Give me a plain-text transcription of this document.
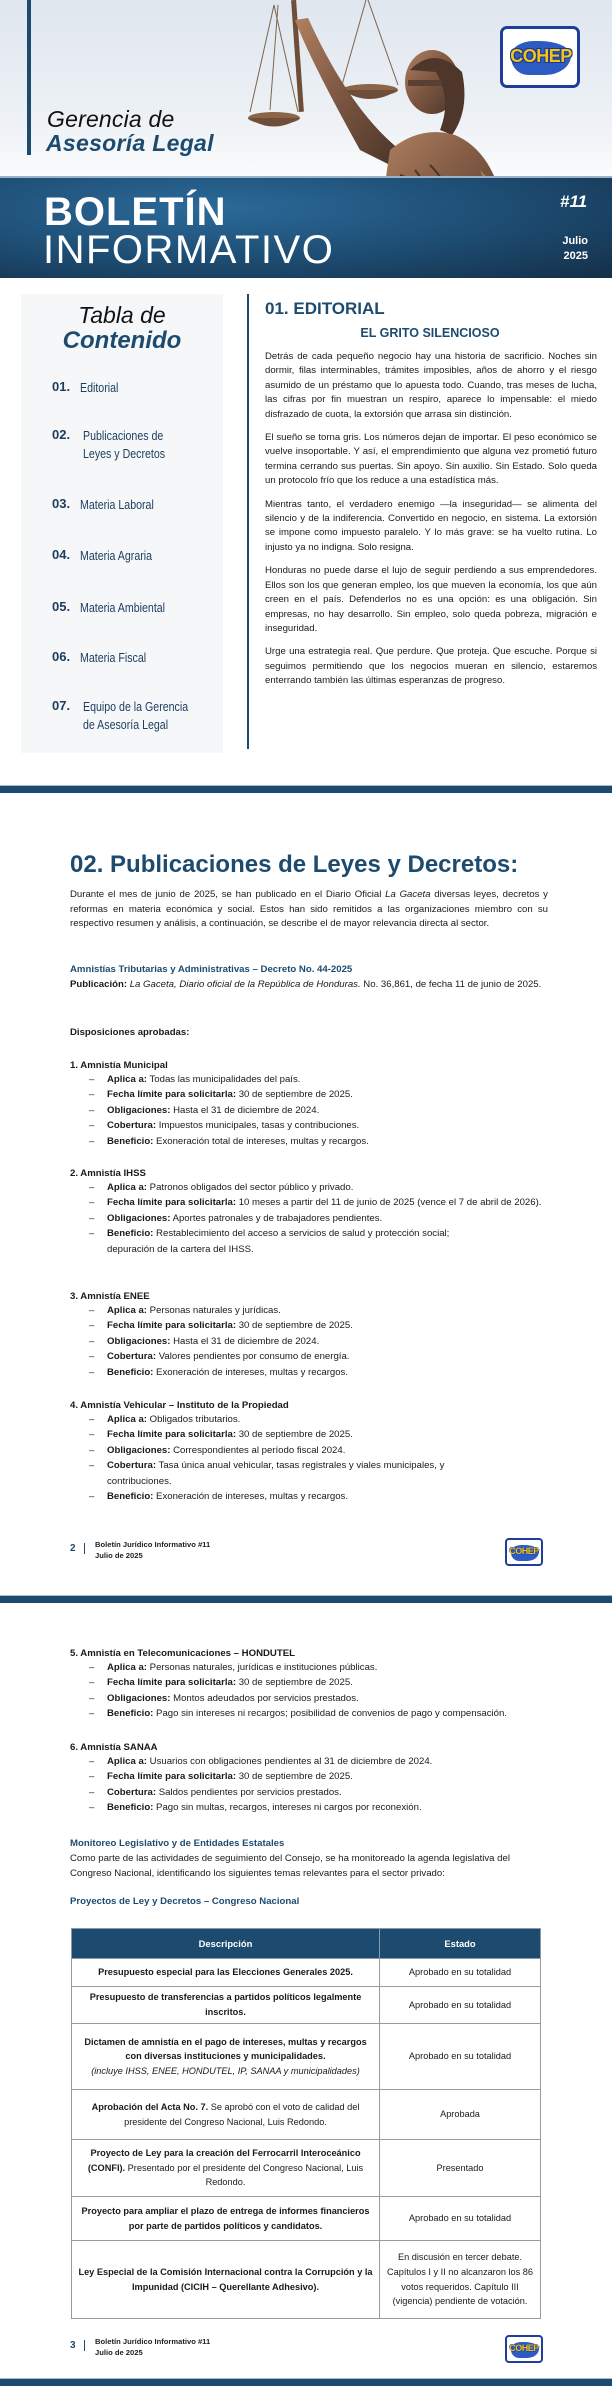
COHEP
Gerencia de
Asesoría Legal
BOLETÍN
INFORMATIVO
#11
Julio
2025
Tabla de
Contenido
01. Editorial
02.	Publicaciones de Leyes y Decretos
03. Materia Laboral
04. Materia Agraria
05. Materia Ambiental
06. Materia Fiscal
07.	Equipo de la Gerencia de Asesoría Legal
01. EDITORIAL
EL GRITO SILENCIOSO

Detrás de cada pequeño negocio hay una historia de sacrificio. Noches sin dormir, filas interminables, trámites imposibles, años de ahorro y el riesgo asumido de un préstamo que lo apuesta todo. Cuando, tras meses de lucha, las cifras por fin muestran un respiro, aparece lo impensable: el miedo disfrazado de cuota, la extorsión que arrasa sin distinción.

El sueño se torna gris. Los números dejan de importar. El peso económico se vuelve insoportable. Y así, el emprendimiento que alguna vez prometió futuro termina cerrando sus puertas. Sin apoyo. Sin auxilio. Sin Estado. Solo queda un protocolo frío que los reduce a una estadística más.

Mientras tanto, el verdadero enemigo —la inseguridad— se alimenta del silencio y de la indiferencia. Convertido en negocio, en sistema. La extorsión se impone como impuesto paralelo. Y lo más grave: se ha vuelto rutina. Lo injusto ya no indigna. Solo resigna.

Honduras no puede darse el lujo de seguir perdiendo a sus emprendedores. Ellos son los que generan empleo, los que mueven la economía, los que aún creen en el país. Defenderlos no es una opción: es una obligación. Sin empresas, no hay desarrollo. Sin empleo, solo queda pobreza, migración e inseguridad.

Urge una estrategia real. Que perdure. Que proteja. Que escuche. Porque si seguimos permitiendo que los negocios mueran en silencio, estaremos enterrando también las últimas esperanzas de progreso.

02. Publicaciones de Leyes y Decretos:
Durante el mes de junio de 2025, se han publicado en el Diario Oficial La Gaceta diversas leyes, decretos y reformas en materia económica y social. Estos han sido remitidos a las organizaciones miembro con su respectivo resumen y análisis, a continuación, se describe el de mayor relevancia directa al sector.
Amnistías Tributarias y Administrativas – Decreto No. 44-2025
Publicación: La Gaceta, Diario oficial de la República de Honduras. No. 36,861, de fecha 11 de junio de 2025.
Disposiciones aprobadas:
1. Amnistía Municipal
– Aplica a: Todas las municipalidades del país.
– Fecha límite para solicitarla: 30 de septiembre de 2025.
– Obligaciones: Hasta el 31 de diciembre de 2024.
– Cobertura: Impuestos municipales, tasas y contribuciones.
– Beneficio: Exoneración total de intereses, multas y recargos.
2. Amnistía IHSS
– Aplica a: Patronos obligados del sector público y privado.
– Fecha límite para solicitarla: 10 meses a partir del 11 de junio de 2025 (vence el 7 de abril de 2026).
– Obligaciones: Aportes patronales y de trabajadores pendientes.
– Beneficio: Restablecimiento del acceso a servicios de salud y protección social; depuración de la cartera del IHSS.
3. Amnistía ENEE
– Aplica a: Personas naturales y jurídicas.
– Fecha límite para solicitarla: 30 de septiembre de 2025.
– Obligaciones: Hasta el 31 de diciembre de 2024.
– Cobertura: Valores pendientes por consumo de energía.
– Beneficio: Exoneración de intereses, multas y recargos.
4. Amnistía Vehicular – Instituto de la Propiedad
– Aplica a: Obligados tributarios.
– Fecha límite para solicitarla: 30 de septiembre de 2025.
– Obligaciones: Correspondientes al período fiscal 2024.
– Cobertura: Tasa única anual vehicular, tasas registrales y viales municipales, y contribuciones.
– Beneficio: Exoneración de intereses, multas y recargos.
2	Boletín Jurídico Informativo #11
Julio de 2025	COHEP
5. Amnistía en Telecomunicaciones – HONDUTEL
– Aplica a: Personas naturales, jurídicas e instituciones públicas.
– Fecha límite para solicitarla: 30 de septiembre de 2025.
– Obligaciones: Montos adeudados por servicios prestados.
– Beneficio: Pago sin intereses ni recargos; posibilidad de convenios de pago y compensación.
6. Amnistía SANAA
– Aplica a: Usuarios con obligaciones pendientes al 31 de diciembre de 2024.
– Fecha límite para solicitarla: 30 de septiembre de 2025.
– Cobertura: Saldos pendientes por servicios prestados.
– Beneficio: Pago sin multas, recargos, intereses ni cargos por reconexión.
Monitoreo Legislativo y de Entidades Estatales
Como parte de las actividades de seguimiento del Consejo, se ha monitoreado la agenda legislativa del Congreso Nacional, identificando los siguientes temas relevantes para el sector privado:
Proyectos de Ley y Decretos – Congreso Nacional
Descripción	Estado
Presupuesto especial para las Elecciones Generales 2025.	Aprobado en su totalidad
Presupuesto de transferencias a partidos políticos legalmente inscritos.	Aprobado en su totalidad
Dictamen de amnistía en el pago de intereses, multas y recargos con diversas instituciones y municipalidades.
(incluye IHSS, ENEE, HONDUTEL, IP, SANAA y municipalidades)	Aprobado en su totalidad
Aprobación del Acta No. 7. Se aprobó con el voto de calidad del presidente del Congreso Nacional, Luis Redondo.	Aprobada
Proyecto de Ley para la creación del Ferrocarril Interoceánico (CONFI). Presentado por el presidente del Congreso Nacional, Luis Redondo.	Presentado
Proyecto para ampliar el plazo de entrega de informes financieros por parte de partidos políticos y candidatos.	Aprobado en su totalidad
Ley Especial de la Comisión Internacional contra la Corrupción y la Impunidad (CICIH – Querellante Adhesivo).	En discusión en tercer debate. Capítulos I y II no alcanzaron los 86 votos requeridos. Capítulo III (vigencia) pendiente de votación.
3	Boletín Jurídico Informativo #11
Julio de 2025	COHEP
